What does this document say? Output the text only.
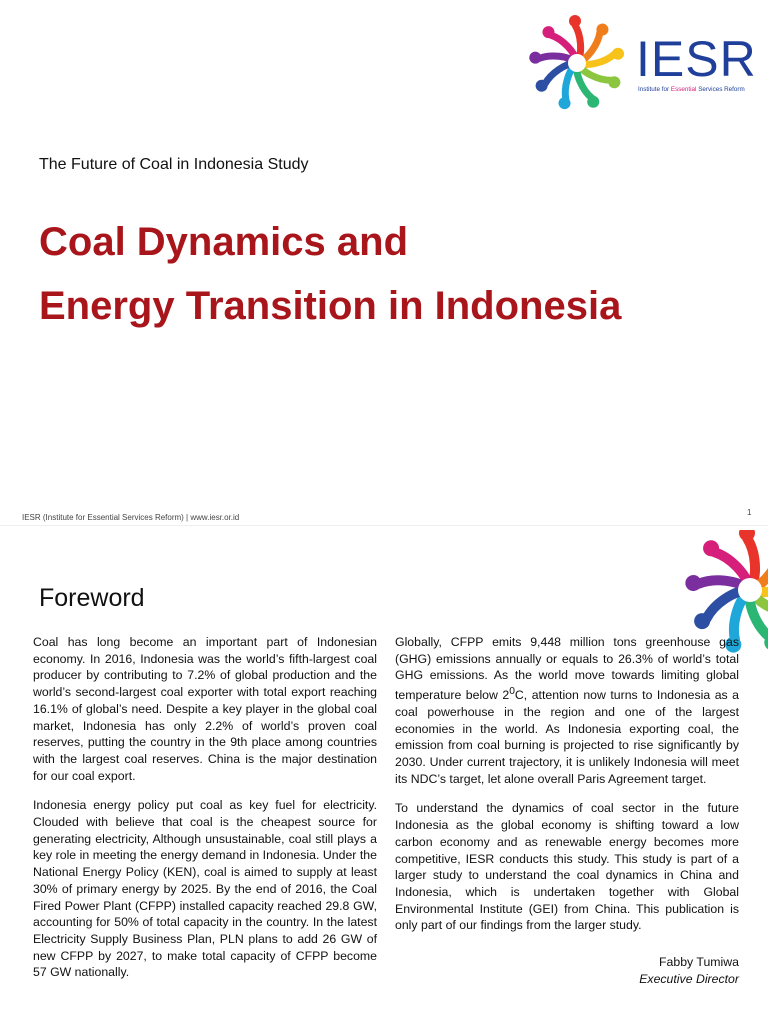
IESR
Institute for Essential Services Reform
The Future of Coal in Indonesia Study
Coal Dynamics and
Energy Transition in Indonesia
IESR (Institute for Essential Services Reform) | www.iesr.or.id
1
Foreword

Coal has long become an important part of Indonesian economy. In 2016, Indonesia was the world’s fifth-largest coal producer by contributing to 7.2% of global production and the world’s second-largest coal exporter with total export reaching 16.1% of global’s need. Despite a key player in the global coal market, Indonesia has only 2.2% of world’s proven coal reserves, putting the country in the 9th place among countries with the largest coal reserves. China is the major destination for our coal export.

Indonesia energy policy put coal as key fuel for electricity. Clouded with believe that coal is the cheapest source for generating electricity, Although unsustainable, coal still plays a key role in meeting the energy demand in Indonesia. Under the National Energy Policy (KEN), coal is aimed to supply at least 30% of primary energy by 2025. By the end of 2016, the Coal Fired Power Plant (CFPP) installed capacity reached 29.8 GW, accounting for 50% of total capacity in the country. In the latest Electricity Supply Business Plan, PLN plans to add 26 GW of new CFPP by 2027, to make total capacity of CFPP become 57 GW nationally.

Globally, CFPP emits 9,448 million tons greenhouse gas (GHG) emissions annually or equals to 26.3% of world’s total GHG emissions. As the world move towards limiting global temperature below $2^0C$, attention now turns to Indonesia as a coal powerhouse in the region and one of the largest economies in the world. As Indonesia exporting coal, the emission from coal burning is projected to rise significantly by 2030. Under current trajectory, it is unlikely Indonesia will meet its NDC’s target, let alone overall Paris Agreement target.

To understand the dynamics of coal sector in the future Indonesia as the global economy is shifting toward a low carbon economy and as renewable energy becomes more competitive, IESR conducts this study. This study is part of a larger study to understand the coal dynamics in China and Indonesia, which is undertaken together with Global Environmental Institute (GEI) from China. This publication is only part of our findings from the larger study.

Fabby Tumiwa
Executive Director
